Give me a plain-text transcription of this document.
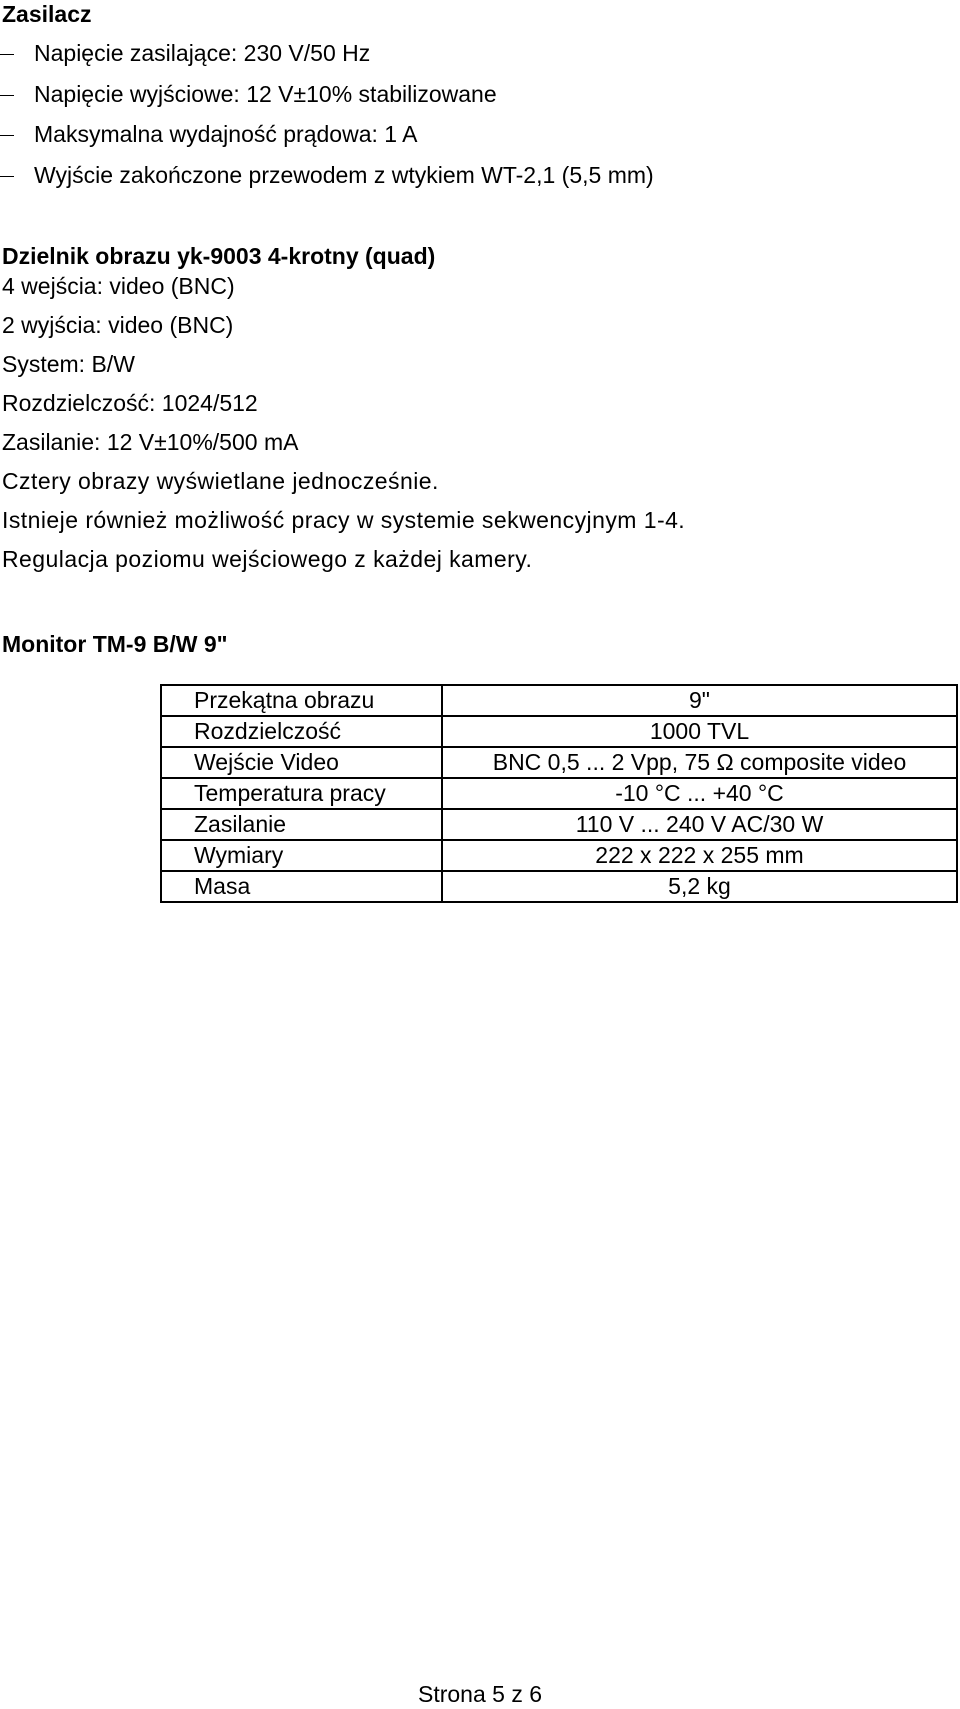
Zasilacz
Napięcie zasilające: 230 V/50 Hz
Napięcie wyjściowe: 12 V±10% stabilizowane
Maksymalna wydajność prądowa: 1 A
Wyjście zakończone przewodem z wtykiem WT-2,1 (5,5 mm)
Dzielnik obrazu yk-9003 4-krotny (quad)
4 wejścia: video (BNC)
2 wyjścia: video (BNC)
System: B/W
Rozdzielczość: 1024/512
Zasilanie: 12 V±10%/500 mA
Cztery obrazy wyświetlane jednocześnie.
Istnieje również możliwość pracy w systemie sekwencyjnym 1-4.
Regulacja poziomu wejściowego z każdej kamery.
Monitor TM-9 B/W 9"
Przekątna obrazu	9"
Rozdzielczość	1000 TVL
Wejście Video	BNC 0,5 ... 2 Vpp, 75 Ω composite video
Temperatura pracy	-10 °C ... +40 °C
Zasilanie	110 V ... 240 V AC/30 W
Wymiary	222 x 222 x 255 mm
Masa	5,2 kg

Strona 5 z 6
